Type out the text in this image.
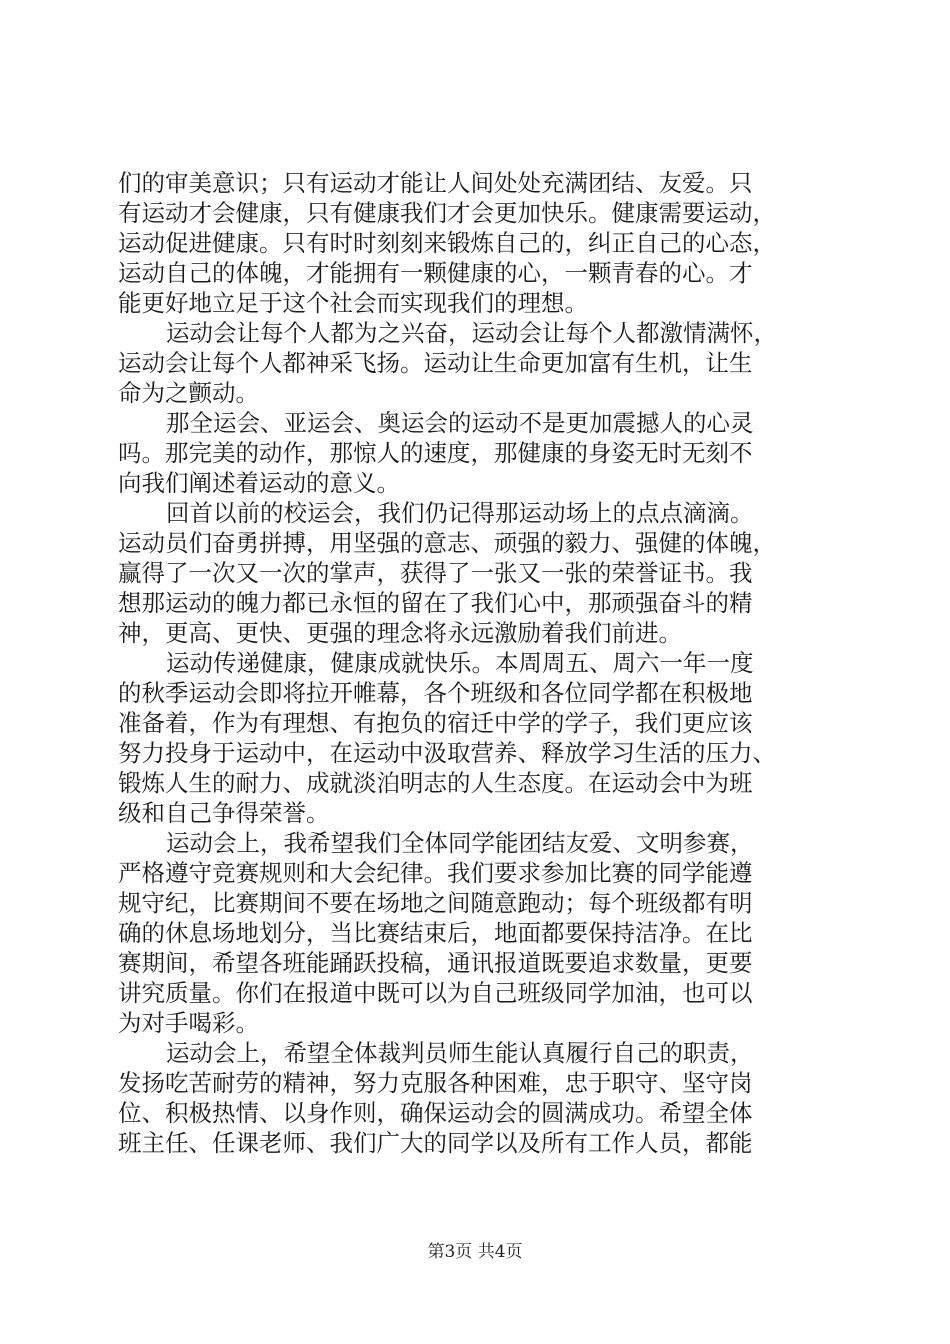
们的审美意识；只有运动才能让人间处处充满团结、友爱。只
有运动才会健康，只有健康我们才会更加快乐。健康需要运动，
运动促进健康。只有时时刻刻来锻炼自己的，纠正自己的心态，
运动自己的体魄，才能拥有一颗健康的心，一颗青春的心。才
能更好地立足于这个社会而实现我们的理想。
运动会让每个人都为之兴奋，运动会让每个人都激情满怀，
运动会让每个人都神采飞扬。运动让生命更加富有生机，让生
命为之颤动。
那全运会、亚运会、奥运会的运动不是更加震撼人的心灵
吗。那完美的动作，那惊人的速度，那健康的身姿无时无刻不
向我们阐述着运动的意义。
回首以前的校运会，我们仍记得那运动场上的点点滴滴。
运动员们奋勇拼搏，用坚强的意志、顽强的毅力、强健的体魄，
赢得了一次又一次的掌声，获得了一张又一张的荣誉证书。我
想那运动的魄力都已永恒的留在了我们心中，那顽强奋斗的精
神，更高、更快、更强的理念将永远激励着我们前进。
运动传递健康，健康成就快乐。本周周五、周六一年一度
的秋季运动会即将拉开帷幕，各个班级和各位同学都在积极地
准备着，作为有理想、有抱负的宿迁中学的学子，我们更应该
努力投身于运动中，在运动中汲取营养、释放学习生活的压力、
锻炼人生的耐力、成就淡泊明志的人生态度。在运动会中为班
级和自己争得荣誉。
运动会上，我希望我们全体同学能团结友爱、文明参赛，
严格遵守竞赛规则和大会纪律。我们要求参加比赛的同学能遵
规守纪，比赛期间不要在场地之间随意跑动；每个班级都有明
确的休息场地划分，当比赛结束后，地面都要保持洁净。在比
赛期间，希望各班能踊跃投稿，通讯报道既要追求数量，更要
讲究质量。你们在报道中既可以为自己班级同学加油，也可以
为对手喝彩。
运动会上，希望全体裁判员师生能认真履行自己的职责，
发扬吃苦耐劳的精神，努力克服各种困难，忠于职守、坚守岗
位、积极热情、以身作则，确保运动会的圆满成功。希望全体
班主任、任课老师、我们广大的同学以及所有工作人员，都能
第3页 共4页
